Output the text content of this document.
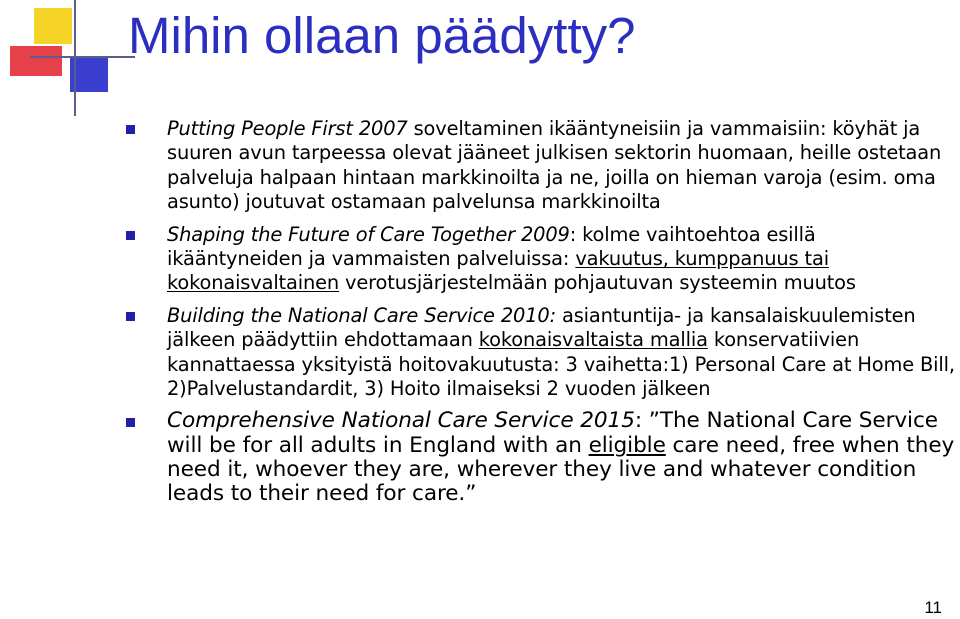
Mihin ollaan päädytty?
Putting People First 2007 soveltaminen ikääntyneisiin ja vammaisiin: köyhät ja suuren avun tarpeessa olevat jääneet julkisen sektorin huomaan, heille ostetaan palveluja halpaan hintaan markkinoilta ja ne, joilla on hieman varoja (esim. oma asunto) joutuvat ostamaan palvelunsa markkinoilta
Shaping the Future of Care Together 2009: kolme vaihtoehtoa esillä ikääntyneiden ja vammaisten palveluissa: vakuutus, kumppanuus tai kokonaisvaltainen verotusjärjestelmään pohjautuvan systeemin muutos
Building the National Care Service 2010: asiantuntija- ja kansalaiskuulemisten jälkeen päädyttiin ehdottamaan kokonaisvaltaista mallia konservatiivien kannattaessa yksityistä hoitovakuutusta: 3 vaihetta:1) Personal Care at Home Bill, 2)Palvelustandardit, 3) Hoito ilmaiseksi 2 vuoden jälkeen
Comprehensive National Care Service 2015: ”The National Care Service will be for all adults in England with an eligible care need, free when they need it, whoever they are, wherever they live and whatever condition leads to their need for care.”
11
